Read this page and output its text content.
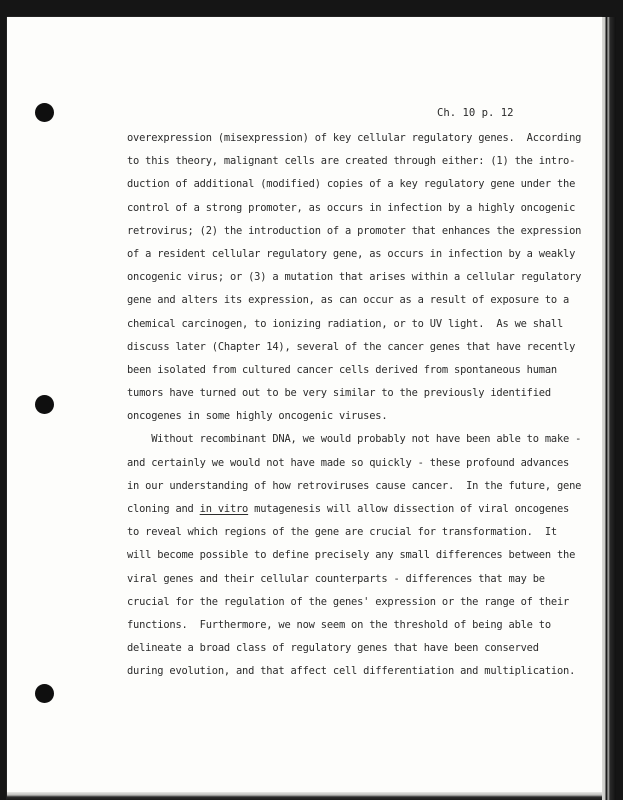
Ch. 10 p. 12

overexpression (misexpression) of key cellular regulatory genes.  According
to this theory, malignant cells are created through either: (1) the intro-
duction of additional (modified) copies of a key regulatory gene under the
control of a strong promoter, as occurs in infection by a highly oncogenic
retrovirus; (2) the introduction of a promoter that enhances the expression
of a resident cellular regulatory gene, as occurs in infection by a weakly
oncogenic virus; or (3) a mutation that arises within a cellular regulatory
gene and alters its expression, as can occur as a result of exposure to a
chemical carcinogen, to ionizing radiation, or to UV light.  As we shall
discuss later (Chapter 14), several of the cancer genes that have recently
been isolated from cultured cancer cells derived from spontaneous human
tumors have turned out to be very similar to the previously identified
oncogenes in some highly oncogenic viruses.
Without recombinant DNA, we would probably not have been able to make -
and certainly we would not have made so quickly - these profound advances
in our understanding of how retroviruses cause cancer.  In the future, gene
cloning and in vitro mutagenesis will allow dissection of viral oncogenes
to reveal which regions of the gene are crucial for transformation.  It
will become possible to define precisely any small differences between the
viral genes and their cellular counterparts - differences that may be
crucial for the regulation of the genes' expression or the range of their
functions.  Furthermore, we now seem on the threshold of being able to
delineate a broad class of regulatory genes that have been conserved
during evolution, and that affect cell differentiation and multiplication.
